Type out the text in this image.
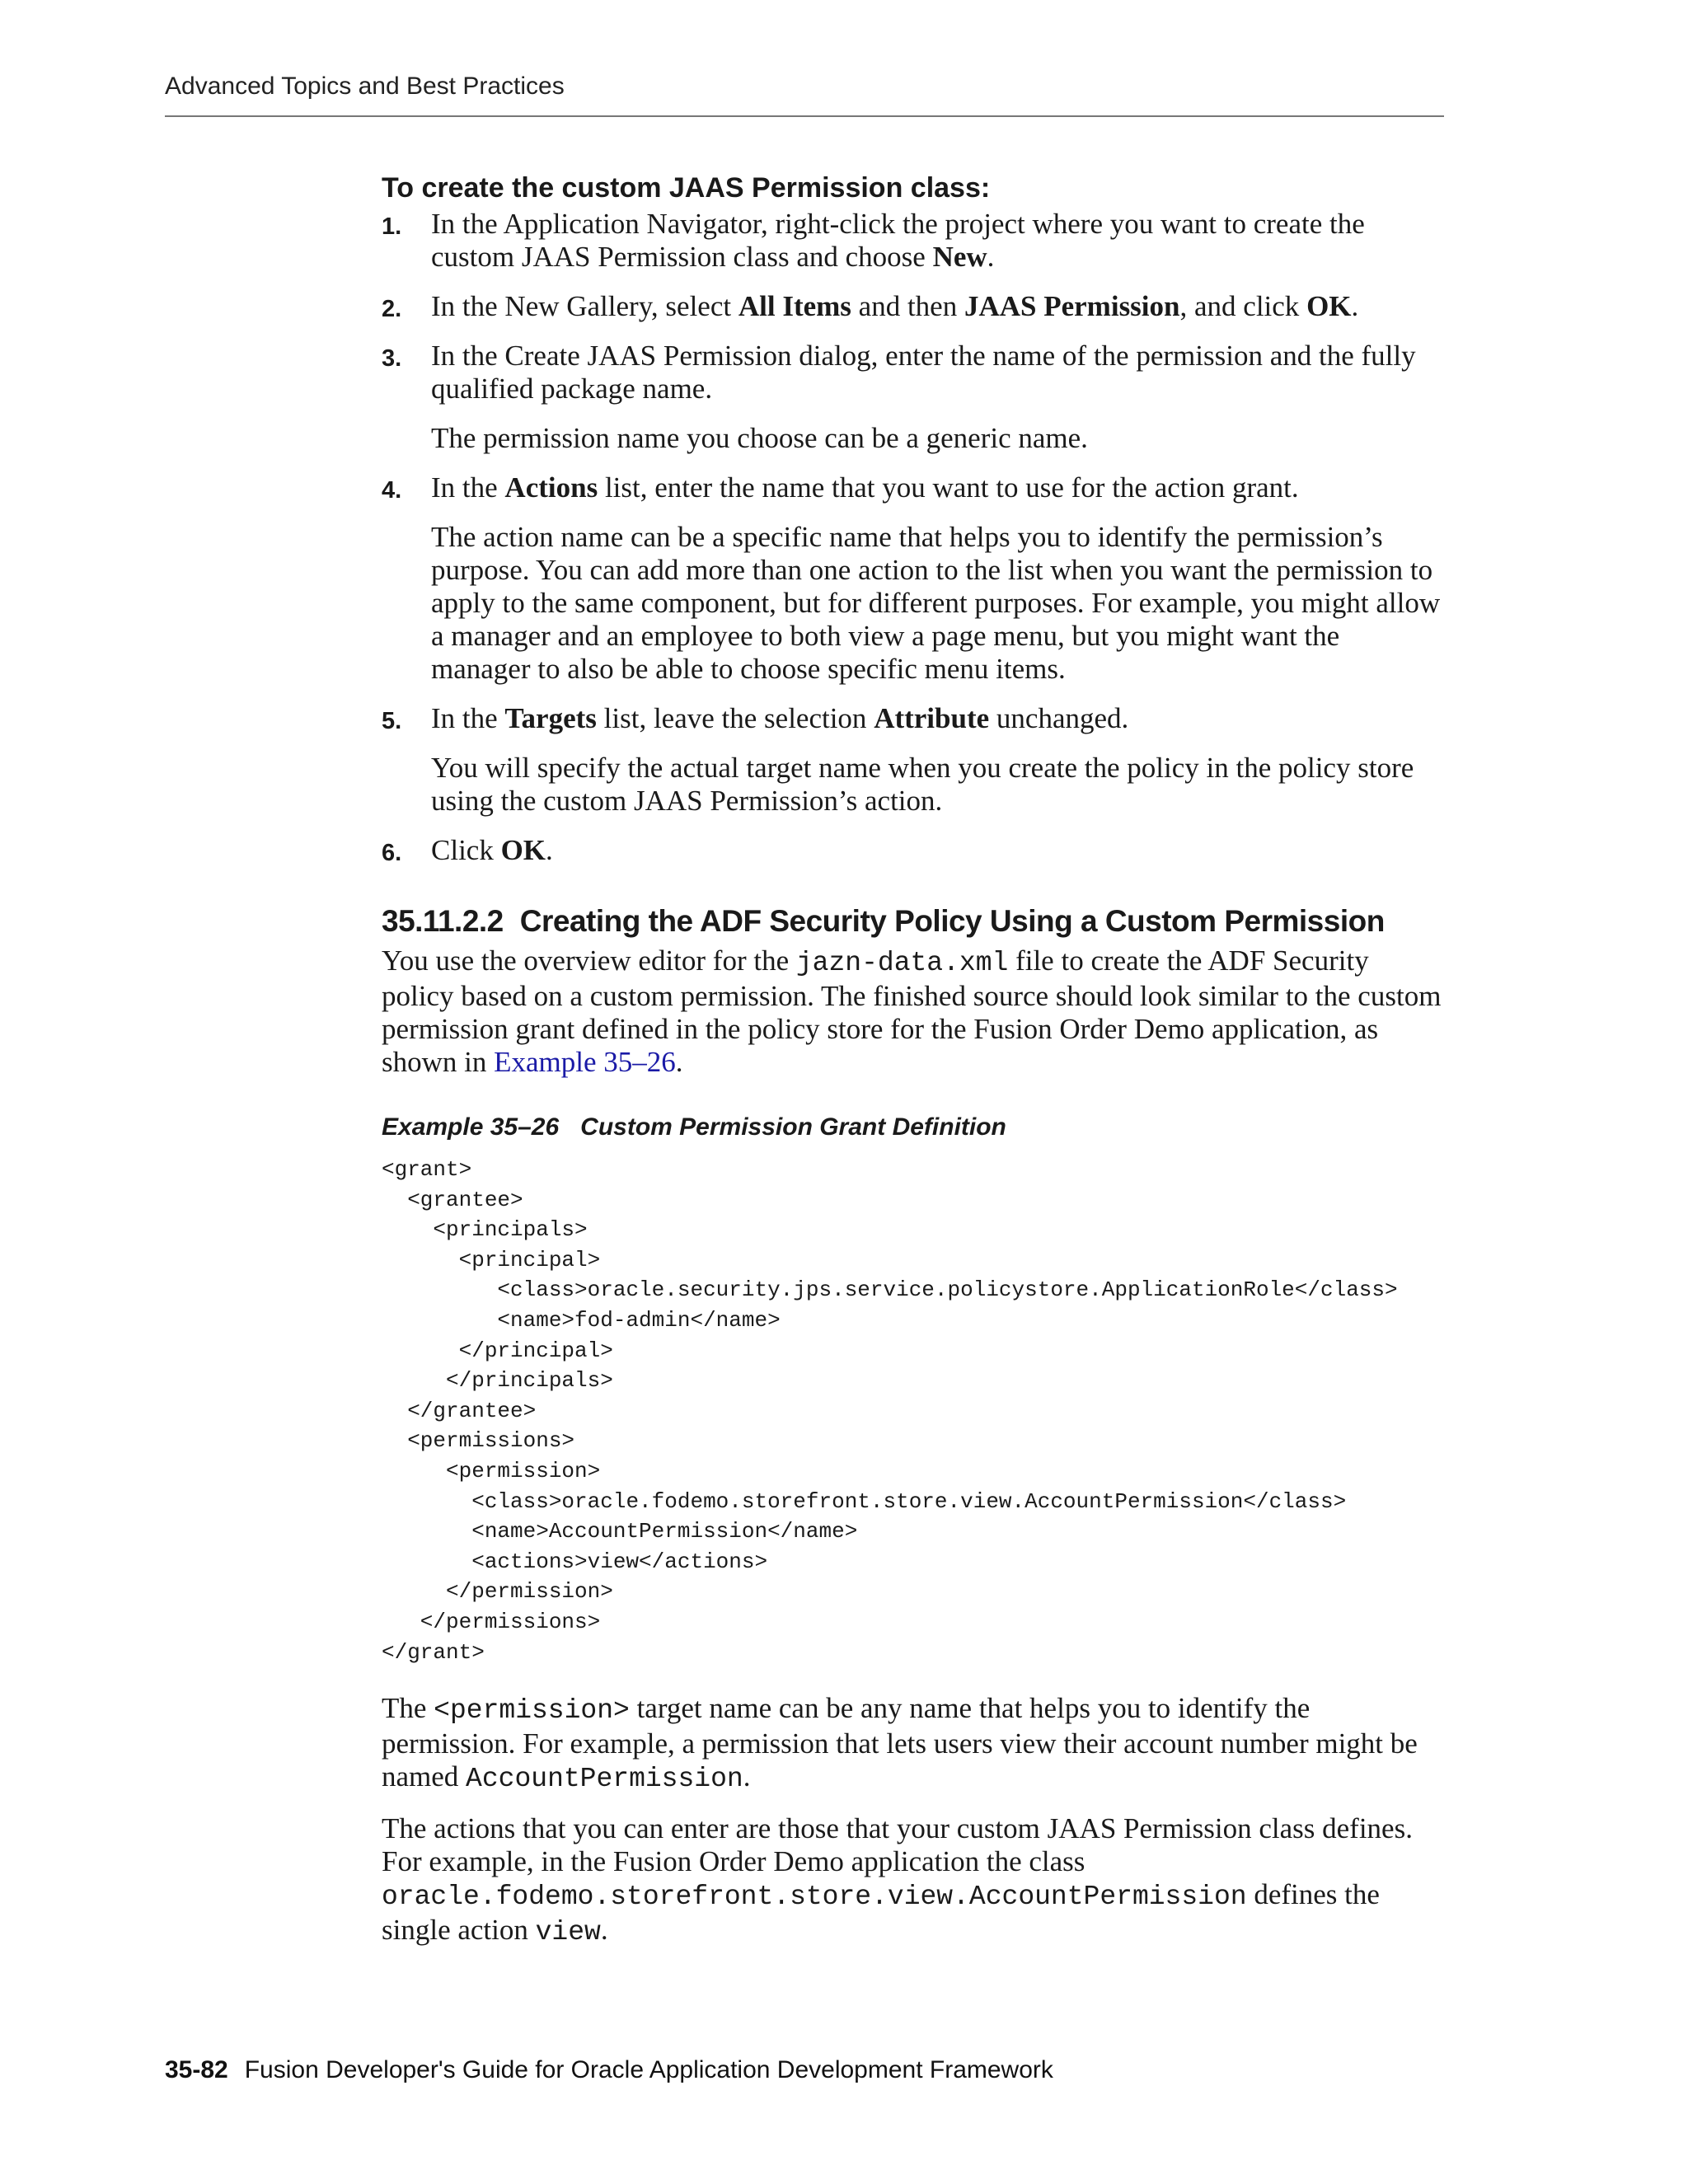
Advanced Topics and Best Practices
To create the custom JAAS Permission class:
1. In the Application Navigator, right-click the project where you want to create the custom JAAS Permission class and choose New.
2. In the New Gallery, select All Items and then JAAS Permission, and click OK.
3. In the Create JAAS Permission dialog, enter the name of the permission and the fully qualified package name.
The permission name you choose can be a generic name.
4. In the Actions list, enter the name that you want to use for the action grant.
The action name can be a specific name that helps you to identify the permission’s purpose. You can add more than one action to the list when you want the permission to apply to the same component, but for different purposes. For example, you might allow a manager and an employee to both view a page menu, but you might want the manager to also be able to choose specific menu items.
5. In the Targets list, leave the selection Attribute unchanged.
You will specify the actual target name when you create the policy in the policy store using the custom JAAS Permission’s action.
6. Click OK.
35.11.2.2 Creating the ADF Security Policy Using a Custom Permission

You use the overview editor for the jazn-data.xml file to create the ADF Security policy based on a custom permission. The finished source should look similar to the custom permission grant defined in the policy store for the Fusion Order Demo application, as shown in Example 35–26.

Example 35–26 Custom Permission Grant Definition
<grant>
<grantee>
<principals>
<principal>
<class>oracle.security.jps.service.policystore.ApplicationRole</class>
<name>fod-admin</name>
</principal>
</principals>
</grantee>
<permissions>
<permission>
<class>oracle.fodemo.storefront.store.view.AccountPermission</class>
<name>AccountPermission</name>
<actions>view</actions>
</permission>
</permissions>
</grant>

The <permission> target name can be any name that helps you to identify the permission. For example, a permission that lets users view their account number might be named AccountPermission.

The actions that you can enter are those that your custom JAAS Permission class defines. For example, in the Fusion Order Demo application the class oracle.fodemo.storefront.store.view.AccountPermission defines the single action view.

35-82 Fusion Developer's Guide for Oracle Application Development Framework
